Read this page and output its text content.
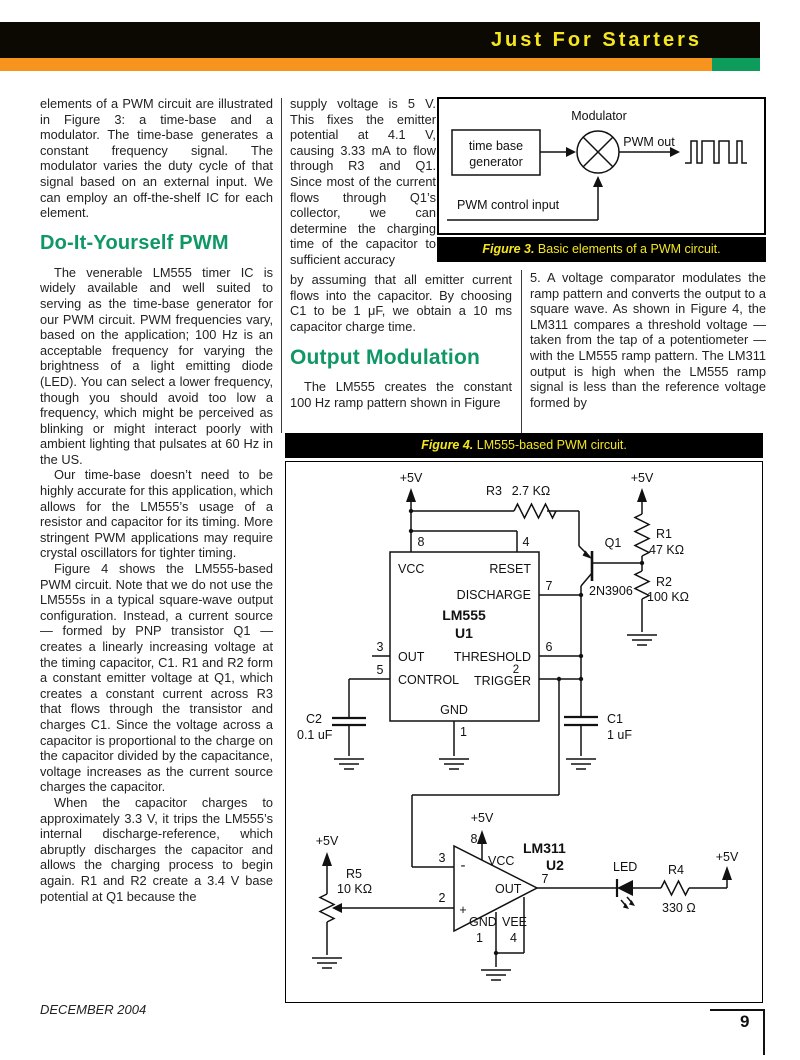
Just For Starters

elements of a PWM circuit are illustrated in Figure 3: a time-base and a modulator. The time-base generates a constant frequency signal. The modulator varies the duty cycle of that signal based on an external input. We can employ an off-the-shelf IC for each element.

Do-It-Yourself PWM

The venerable LM555 timer IC is widely available and well suited to serving as the time-base generator for our PWM circuit. PWM frequencies vary, based on the application; 100 Hz is an acceptable frequency for varying the brightness of a light emitting diode (LED). You can select a lower frequency, though you should avoid too low a frequency, which might be perceived as blinking or might interact poorly with ambient lighting that pulsates at 60 Hz in the US.

Our time-base doesn’t need to be highly accurate for this application, which allows for the LM555’s usage of a resistor and capacitor for its timing. More stringent PWM applications may require crystal oscillators for tighter timing.

Figure 4 shows the LM555-based PWM circuit. Note that we do not use the LM555s in a typical square-wave output configuration. Instead, a current source — formed by PNP transistor Q1 — creates a linearly increasing voltage at the timing capacitor, C1. R1 and R2 form a constant emitter voltage at Q1, which creates a constant current across R3 that flows through the transistor and charges C1. Since the voltage across a capacitor is proportional to the charge on the capacitor divided by the capacitance, voltage increases as the current source charges the capacitor.

When the capacitor charges to approximately 3.3 V, it trips the LM555’s internal discharge-reference, which abruptly discharges the capacitor and allows the charging process to begin again. R1 and R2 create a 3.4 V base potential at Q1 because the

supply voltage is 5 V. This fixes the emitter potential at 4.1 V, causing 3.33 mA to flow through R3 and Q1. Since most of the current flows through Q1’s collector, we can determine the charging time of the capacitor to sufficient accuracy

by assuming that all emitter current flows into the capacitor. By choosing C1 to be 1 μF, we obtain a 10 ms capacitor charge time.

Output Modulation

The LM555 creates the constant 100 Hz ramp pattern shown in Figure

5. A voltage comparator modulates the ramp pattern and converts the output to a square wave. As shown in Figure 4, the LM311 compares a threshold voltage — taken from the tap of a potentiometer — with the LM555 ramp pattern. The LM311 output is high when the LM555 ramp signal is less than the reference voltage formed by

Modulator
time base
generator
PWM out
PWM control input
Figure 3. Basic elements of a PWM circuit.
Figure 4. LM555-based PWM circuit.
+5V	+5V
+5V
+5V
+5V
R3 2.7 KΩ
8	4	Q1
2N3906
R1
47 KΩ
R2
100 KΩ
7
6
VCC	RESET
DISCHARGE
LM555
U1
3
OUT
5
CONTROL
THRESHOLD
2
TRIGGER
GND
1
C2
0.1 uF
C1
1 uF
8
VCC
3 -
2
+
LM311
U2
7
OUT
GND
1
VEE
4
R5
10 KΩ
LED R4
330 Ω
DECEMBER 2004
9
